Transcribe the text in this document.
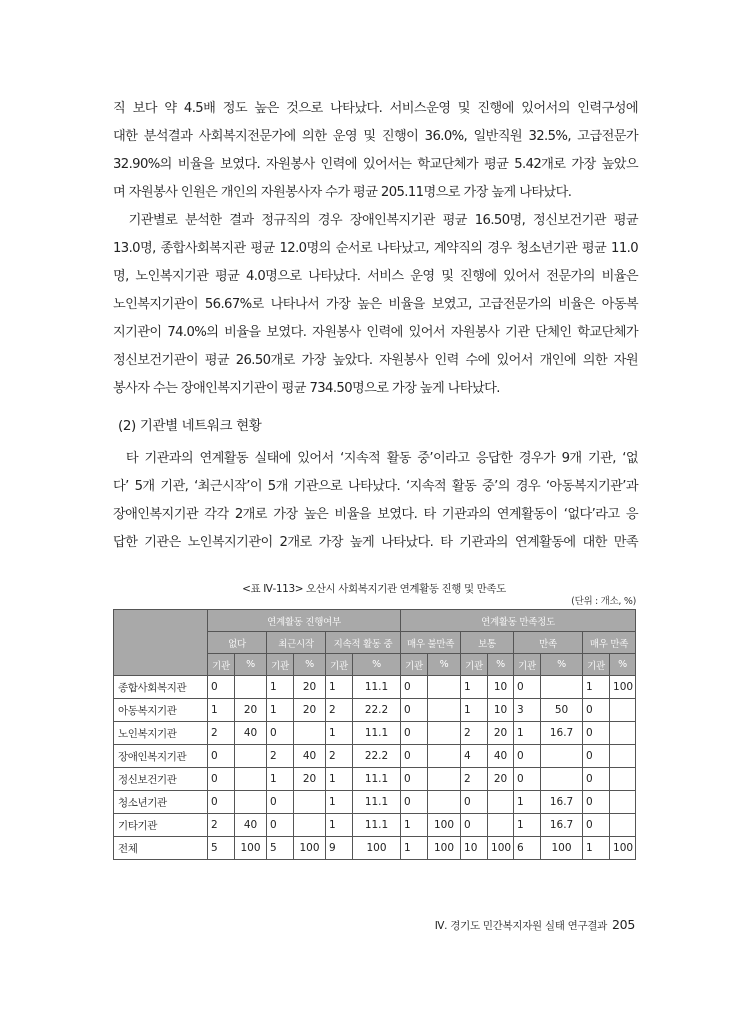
직 보다 약 4.5배 정도 높은 것으로 나타났다. 서비스운영 및 진행에 있어서의 인력구성에

대한 분석결과 사회복지전문가에 의한 운영 및 진행이 36.0%, 일반직원 32.5%, 고급전문가

32.90%의 비율을 보였다. 자원봉사 인력에 있어서는 학교단체가 평균 5.42개로 가장 높았으

며 자원봉사 인원은 개인의 자원봉사자 수가 평균 205.11명으로 가장 높게 나타났다.

기관별로 분석한 결과 정규직의 경우 장애인복지기관 평균 16.50명, 정신보건기관 평균

13.0명, 종합사회복지관 평균 12.0명의 순서로 나타났고, 계약직의 경우 청소년기관 평균 11.0

명, 노인복지기관 평균 4.0명으로 나타났다. 서비스 운영 및 진행에 있어서 전문가의 비율은

노인복지기관이 56.67%로 나타나서 가장 높은 비율을 보였고, 고급전문가의 비율은 아동복

지기관이 74.0%의 비율을 보였다. 자원봉사 인력에 있어서 자원봉사 기관 단체인 학교단체가

정신보건기관이 평균 26.50개로 가장 높았다. 자원봉사 인력 수에 있어서 개인에 의한 자원

봉사자 수는 장애인복지기관이 평균 734.50명으로 가장 높게 나타났다.

(2) 기관별 네트워크 현황

타 기관과의 연계활동 실태에 있어서 ‘지속적 활동 중’이라고 응답한 경우가 9개 기관, ‘없

다’ 5개 기관, ‘최근시작’이 5개 기관으로 나타났다. ‘지속적 활동 중’의 경우 ‘아동복지기관’과

장애인복지기관 각각 2개로 가장 높은 비율을 보였다. 타 기관과의 연계활동이 ‘없다’라고 응

답한 기관은 노인복지기관이 2개로 가장 높게 나타났다. 타 기관과의 연계활동에 대한 만족

<표 Ⅳ-113> 오산시 사회복지기관 연계활동 진행 및 만족도
(단위 : 개소, %)
	연계활동 진행여부						연계활동 만족정도							
	없다		최근시작		지속적 활동 중		매우 불만족		보통		만족		매우 만족	
	기관	%	기관	%	기관	%	기관	%	기관	%	기관	%	기관	%
종합사회복지관	0		1	20	1	11.1	0		1	10	0		1	100
아동복지기관	1	20	1	20	2	22.2	0		1	10	3	50	0	
노인복지기관	2	40	0		1	11.1	0		2	20	1	16.7	0	
장애인복지기관	0		2	40	2	22.2	0		4	40	0		0	
정신보건기관	0		1	20	1	11.1	0		2	20	0		0	
청소년기관	0		0		1	11.1	0		0		1	16.7	0	
기타기관	2	40	0		1	11.1	1	100	0		1	16.7	0	
전체	5	100	5	100	9	100	1	100	10	100	6	100	1	100
Ⅳ. 경기도 민간복지자원 실태 연구결과 205
